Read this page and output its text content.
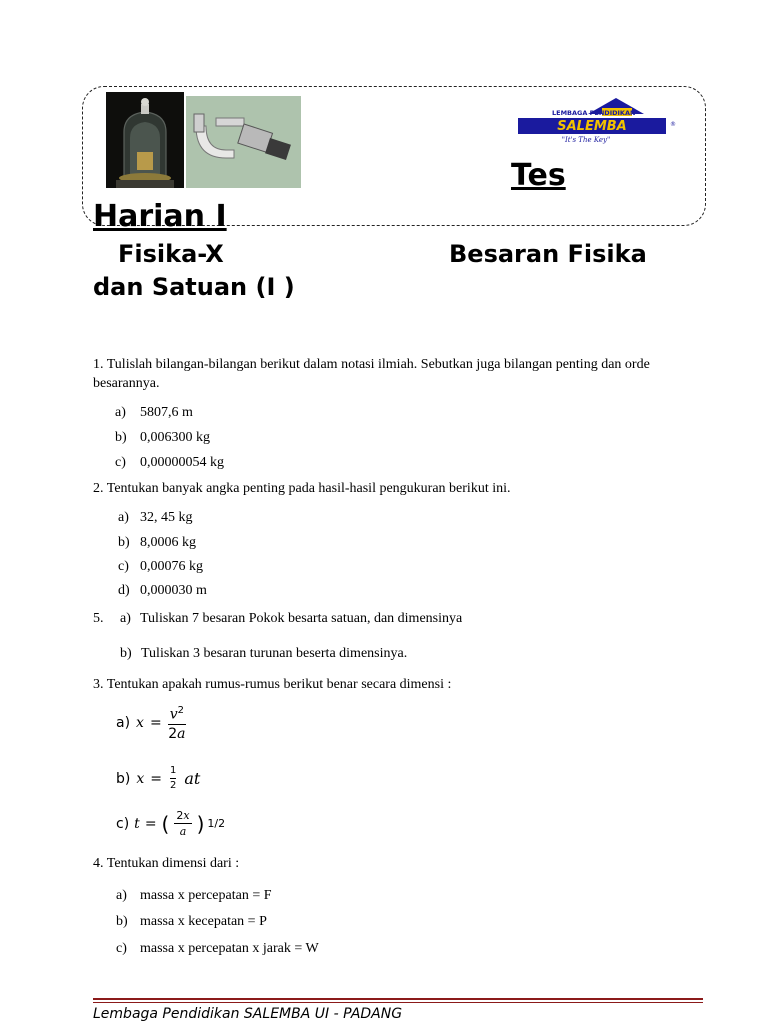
SALEMBA
LEMBAGA PENDIDIKAN
"It's The Key"
®
Tes
Harian I
Fisika-X	Besaran Fisika
dan Satuan (I )
1. Tulislah bilangan-bilangan berikut dalam notasi ilmiah. Sebutkan juga bilangan penting dan orde
besarannya.
a) 5807,6 m
b) 0,006300 kg
c) 0,00000054 kg
2. Tentukan banyak angka penting pada hasil-hasil pengukuran berikut ini.
a) 32, 45 kg
b) 8,0006 kg
c) 0,00076 kg
d) 0,000030 m
5. a) Tuliskan 7 besaran Pokok besarta satuan, dan dimensinya
b) Tuliskan 3 besaran turunan beserta dimensinya.
3. Tentukan apakah rumus-rumus berikut benar secara dimensi :
a) $x = \frac{v^2}{2a}$
b) $x = \frac{1}{2}$ at
c) t = ( $\frac{2x}{a}$ ) 1/2
4. Tentukan dimensi dari :
a) massa x percepatan = F
b) massa x kecepatan = P
c) massa x percepatan x jarak = W
Lembaga Pendidikan SALEMBA UI - PADANG
